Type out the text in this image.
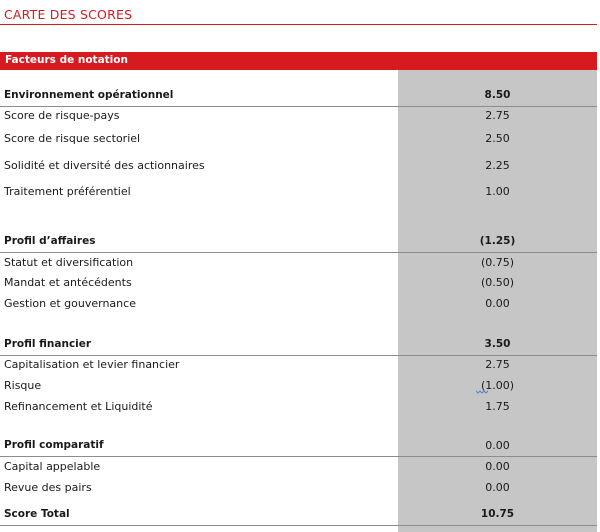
CARTE DES SCORES
Facteurs de notation
Environnement opérationnel	8.50
Score de risque-pays	2.75
Score de risque sectoriel	2.50
Solidité et diversité des actionnaires	2.25
Traitement préférentiel	1.00
Profil d’affaires	(1.25)
Statut et diversification	(0.75)
Mandat et antécédents	(0.50)
Gestion et gouvernance	0.00
Profil financier	3.50
Capitalisation et levier financier	2.75
Risque	(1.00)
Refinancement et Liquidité	1.75
Profil comparatif	0.00
Capital appelable	0.00
Revue des pairs	0.00
Score Total	10.75
